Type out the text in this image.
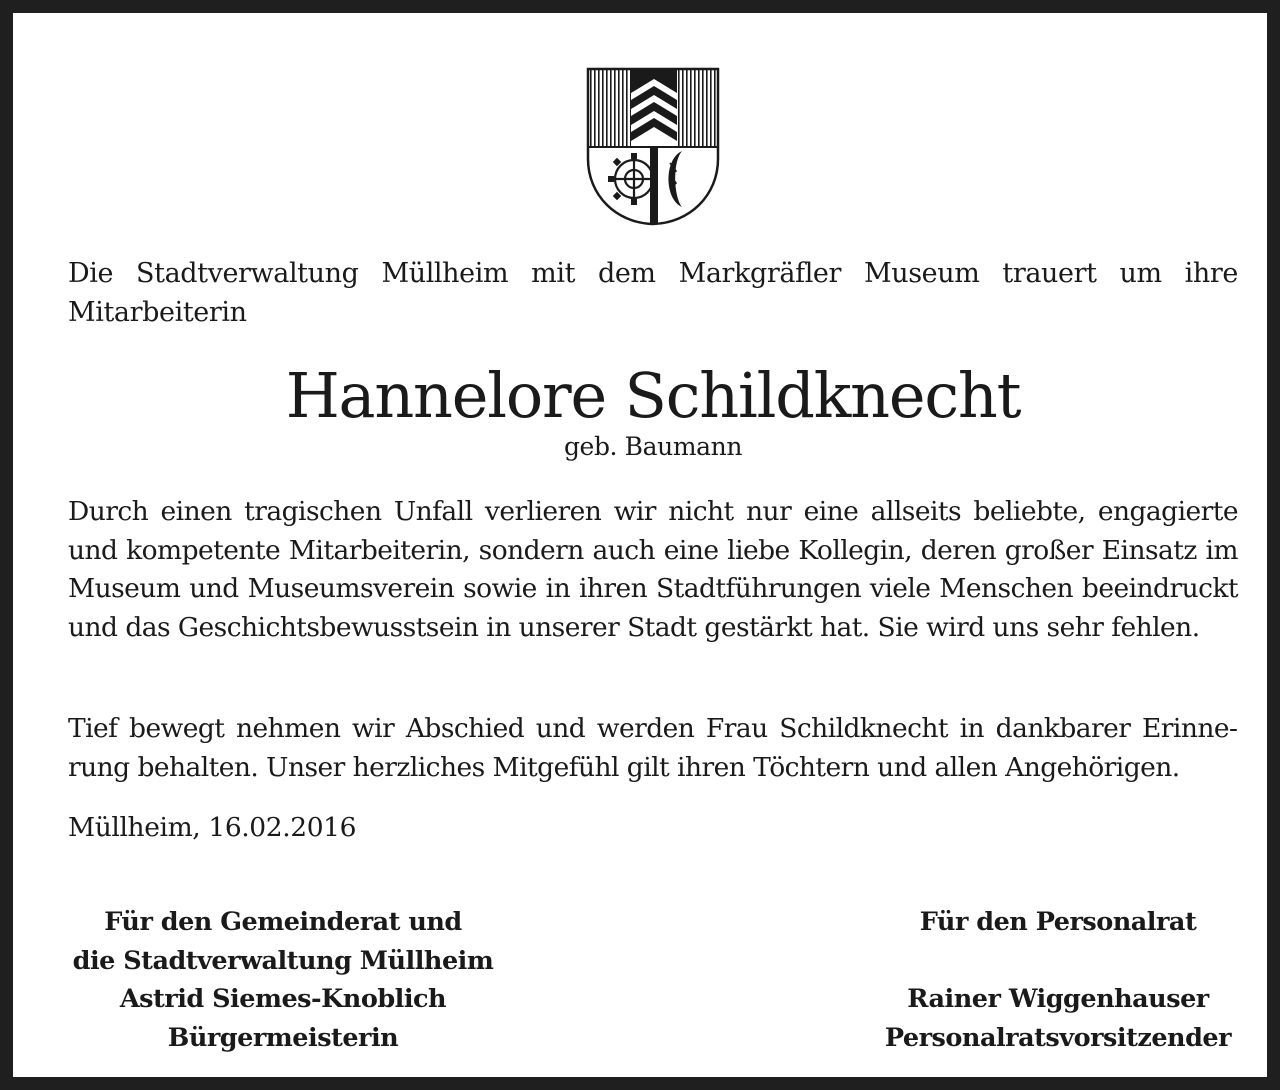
Die Stadtverwaltung Müllheim mit dem Markgräfler Museum trauert um ihre Mitarbeiterin

Hannelore Schildknecht
geb. Baumann

Durch einen tragischen Unfall verlieren wir nicht nur eine allseits beliebte, engagierte und kompetente Mitarbeiterin, sondern auch eine liebe Kollegin, deren großer Einsatz im Museum und Museumsverein sowie in ihren Stadtführungen viele Menschen beeindruckt und das Geschichtsbewusstsein in unserer Stadt gestärkt hat. Sie wird uns sehr fehlen.

Tief bewegt nehmen wir Abschied und werden Frau Schildknecht in dankbarer Erinnerung behalten. Unser herzliches Mitgefühl gilt ihren Töchtern und allen Angehörigen.

Müllheim, 16.02.2016
Für den Gemeinderat und
die Stadtverwaltung Müllheim
Astrid Siemes-Knoblich
Bürgermeisterin
Für den Personalrat
Rainer Wiggenhauser
Personalratsvorsitzender
